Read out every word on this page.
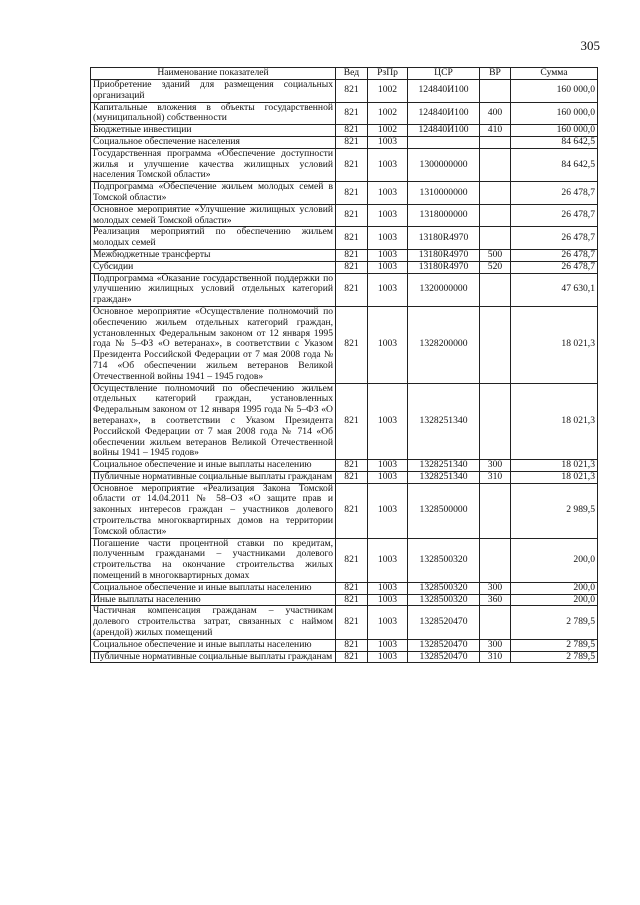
305
Наименование показателей	Вед	РзПр	ЦСР	ВР	Сумма
Приобретение зданий для размещения социальных организаций	821	1002	124840И100		160 000,0
Капитальные вложения в объекты государственной (муниципальной) собственности	821	1002	124840И100	400	160 000,0
Бюджетные инвестиции	821	1002	124840И100	410	160 000,0
Социальное обеспечение населения	821	1003			84 642,5
Государственная программа «Обеспечение доступности жилья и улучшение качества жилищных условий населения Томской области»	821	1003	1300000000		84 642,5
Подпрограмма «Обеспечение жильем молодых семей в Томской области»	821	1003	1310000000		26 478,7
Основное мероприятие «Улучшение жилищных условий молодых семей Томской области»	821	1003	1318000000		26 478,7
Реализация мероприятий по обеспечению жильем молодых семей	821	1003	13180R4970		26 478,7
Межбюджетные трансферты	821	1003	13180R4970	500	26 478,7
Субсидии	821	1003	13180R4970	520	26 478,7
Подпрограмма «Оказание государственной поддержки по улучшению жилищных условий отдельных категорий граждан»	821	1003	1320000000		47 630,1
Основное мероприятие «Осуществление полномочий по обеспечению жильем отдельных категорий граждан, установленных Федеральным законом от 12 января 1995 года № 5–ФЗ «О ветеранах», в соответствии с Указом Президента Российской Федерации от 7 мая 2008 года № 714 «Об обеспечении жильем ветеранов Великой Отечественной войны 1941 – 1945 годов»	821	1003	1328200000		18 021,3
Осуществление полномочий по обеспечению жильем отдельных категорий граждан, установленных Федеральным законом от 12 января 1995 года № 5–ФЗ «О ветеранах», в соответствии с Указом Президента Российской Федерации от 7 мая 2008 года № 714 «Об обеспечении жильем ветеранов Великой Отечественной войны 1941 – 1945 годов»	821	1003	1328251340		18 021,3
Социальное обеспечение и иные выплаты населению	821	1003	1328251340	300	18 021,3
Публичные нормативные социальные выплаты гражданам	821	1003	1328251340	310	18 021,3
Основное мероприятие «Реализация Закона Томской области от 14.04.2011 № 58–ОЗ «О защите прав и законных интересов граждан – участников долевого строительства многоквартирных домов на территории Томской области»	821	1003	1328500000		2 989,5
Погашение части процентной ставки по кредитам, полученным гражданами – участниками долевого строительства на окончание строительства жилых помещений в многоквартирных домах	821	1003	1328500320		200,0
Социальное обеспечение и иные выплаты населению	821	1003	1328500320	300	200,0
Иные выплаты населению	821	1003	1328500320	360	200,0
Частичная компенсация гражданам – участникам долевого строительства затрат, связанных с наймом (арендой) жилых помещений	821	1003	1328520470		2 789,5
Социальное обеспечение и иные выплаты населению	821	1003	1328520470	300	2 789,5
Публичные нормативные социальные выплаты гражданам	821	1003	1328520470	310	2 789,5
